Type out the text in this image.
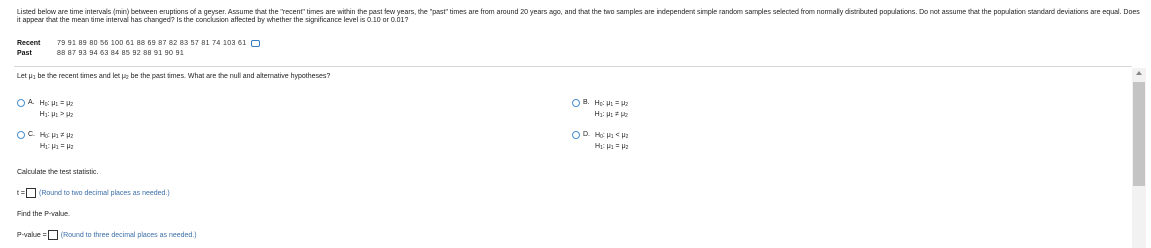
Listed below are time intervals (min) between eruptions of a geyser. Assume that the "recent" times are within the past few years, the "past" times are from around 20 years ago, and that the two samples are independent simple random samples selected from normally distributed populations. Do not assume that the population standard deviations are equal. Does it appear that the mean time interval has changed? Is the conclusion affected by whether the significance level is 0.10 or 0.01?
Recent	79 91 89 80 56 100 61 88 69 87 82 83 57 81 74 103 61
Past	88 87 93 94 63 84 85 92 88 91 90 91
Let $\mu_1$ be the recent times and let $\mu_2$ be the past times. What are the null and alternative hypotheses?
A. $H_0$: $\mu_1 = \mu_2$
$H_1$: $\mu_1 > \mu_2$
B. $H_0$: $\mu_1 = \mu_2$
$H_1$: $\mu_1 \ne \mu_2$
C. $H_0$: $\mu_1 \ne \mu_2$
$H_1$: $\mu_1 = \mu_2$
D. $H_0$: $\mu_1 < \mu_2$
$H_1$: $\mu_1 = \mu_2$
Calculate the test statistic.
t = (Round to two decimal places as needed.)
Find the P-value.
P-value = (Round to three decimal places as needed.)
